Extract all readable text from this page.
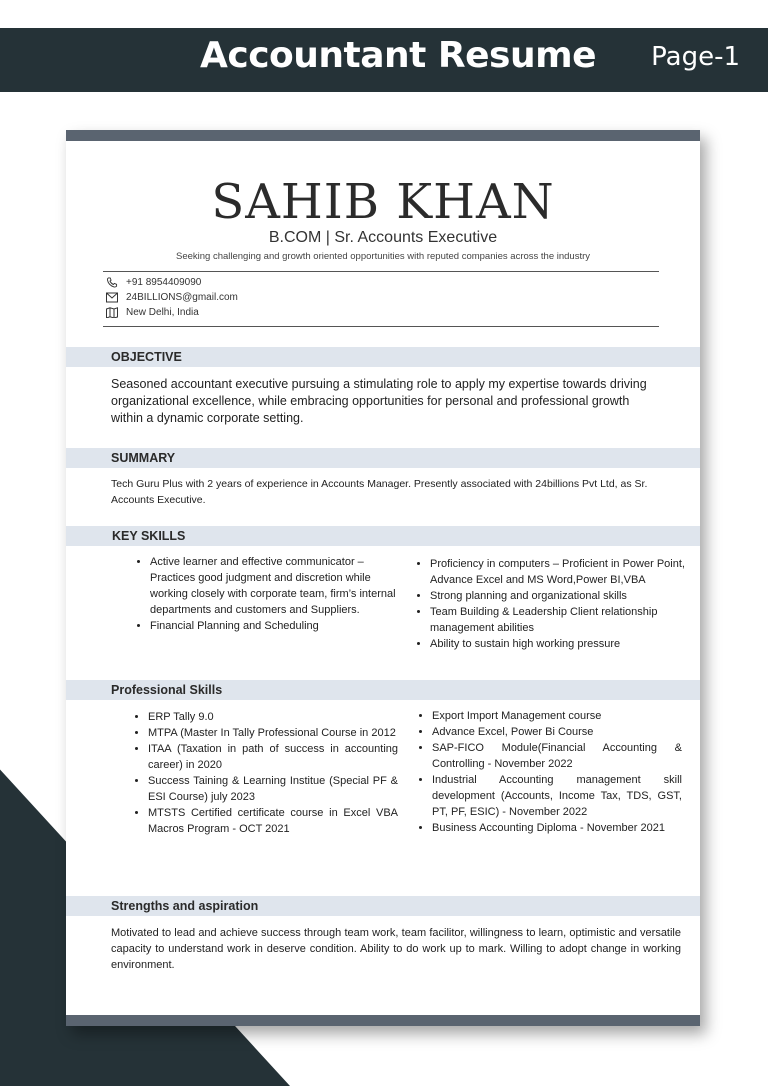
Accountant Resume Page-1
SAHIB KHAN
B.COM | Sr. Accounts Executive
Seeking challenging and growth oriented opportunities with reputed companies across the industry
+91 8954409090
24BILLIONS@gmail.com
New Delhi, India
OBJECTIVE
Seasoned accountant executive pursuing a stimulating role to apply my expertise towards driving organizational excellence, while embracing opportunities for personal and professional growth within a dynamic corporate setting.
SUMMARY
Tech Guru Plus with 2 years of experience in Accounts Manager. Presently associated with 24billions Pvt Ltd, as Sr. Accounts Executive.
KEY SKILLS
• Active learner and effective communicator – Practices good judgment and discretion while working closely with corporate team, firm’s internal departments and customers and Suppliers.
• Financial Planning and Scheduling
• Proficiency in computers – Proficient in Power Point, Advance Excel and MS Word,Power BI,VBA
• Strong planning and organizational skills
• Team Building & Leadership Client relationship management abilities
• Ability to sustain high working pressure
Professional Skills
• ERP Tally 9.0
• MTPA (Master In Tally Professional Course in 2012
• ITAA (Taxation in path of success in accounting career) in 2020
• Success Taining & Learning Institue (Special PF & ESI Course) july 2023
• MTSTS Certified certificate course in Excel VBA Macros Program - OCT 2021
• Export Import Management course
• Advance Excel, Power Bi Course
• SAP-FICO Module(Financial Accounting & Controlling - November 2022
• Industrial Accounting management skill development (Accounts, Income Tax, TDS, GST, PT, PF, ESIC) - November 2022
• Business Accounting Diploma - November 2021
Strengths and aspiration
Motivated to lead and achieve success through team work, team facilitor, willingness to learn, optimistic and versatile capacity to understand work in deserve condition. Ability to do work up to mark. Willing to adopt change in working environment.
